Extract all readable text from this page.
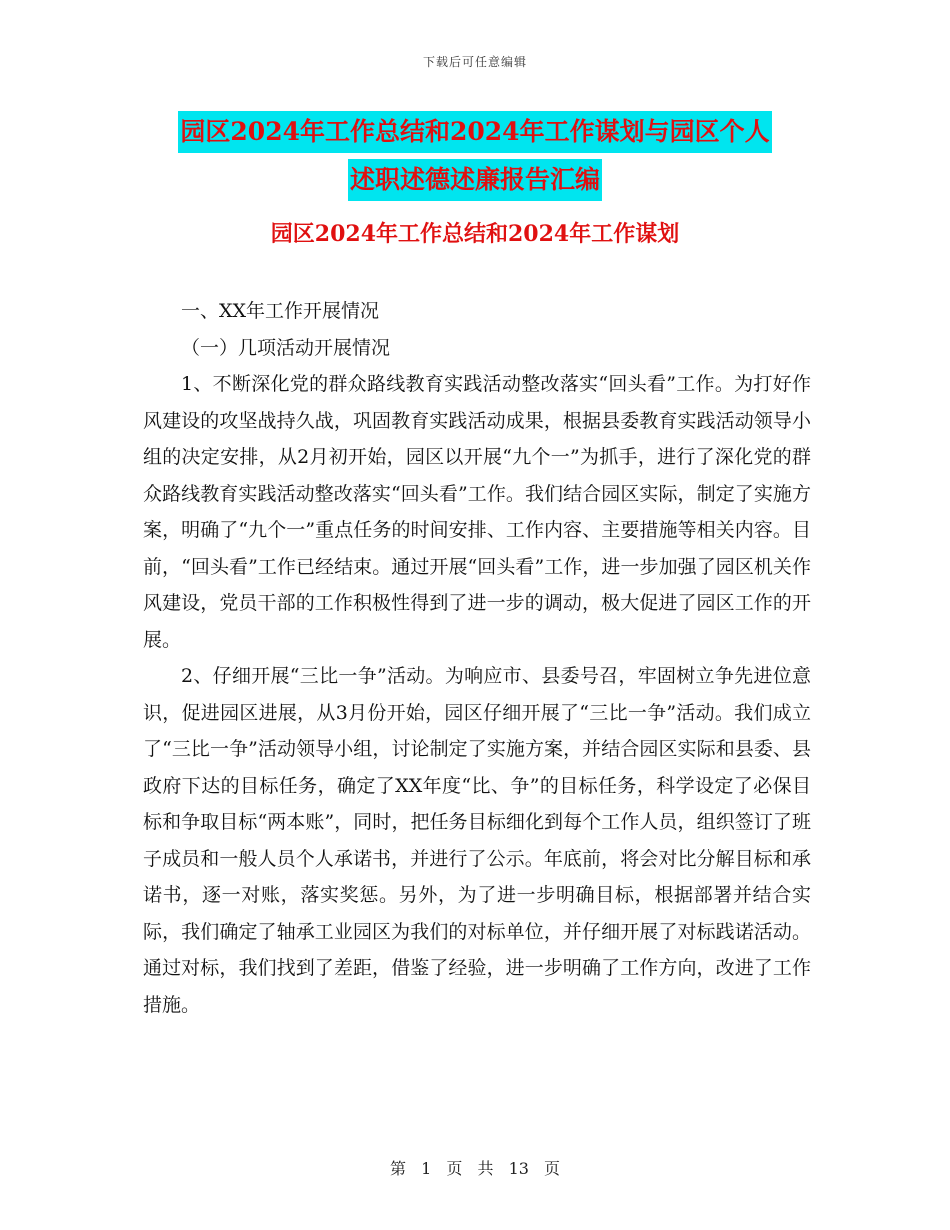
下载后可任意编辑
园区2024年工作总结和2024年工作谋划与园区个人
述职述德述廉报告汇编
园区2024年工作总结和2024年工作谋划

一、XX年工作开展情况

（一）几项活动开展情况

1、不断深化党的群众路线教育实践活动整改落实“回头看”工作。为打好作风建设的攻坚战持久战，巩固教育实践活动成果，根据县委教育实践活动领导小组的决定安排，从2月初开始，园区以开展“九个一”为抓手，进行了深化党的群众路线教育实践活动整改落实“回头看”工作。我们结合园区实际，制定了实施方案，明确了“九个一”重点任务的时间安排、工作内容、主要措施等相关内容。目前，“回头看”工作已经结束。通过开展“回头看”工作，进一步加强了园区机关作风建设，党员干部的工作积极性得到了进一步的调动，极大促进了园区工作的开展。

2、仔细开展“三比一争”活动。为响应市、县委号召，牢固树立争先进位意识，促进园区进展，从3月份开始，园区仔细开展了“三比一争”活动。我们成立了“三比一争”活动领导小组，讨论制定了实施方案，并结合园区实际和县委、县政府下达的目标任务，确定了XX年度“比、争”的目标任务，科学设定了必保目标和争取目标“两本账”，同时，把任务目标细化到每个工作人员，组织签订了班子成员和一般人员个人承诺书，并进行了公示。年底前，将会对比分解目标和承诺书，逐一对账，落实奖惩。另外，为了进一步明确目标，根据部署并结合实际，我们确定了轴承工业园区为我们的对标单位，并仔细开展了对标践诺活动。通过对标，我们找到了差距，借鉴了经验，进一步明确了工作方向，改进了工作措施。

第 1 页 共 13 页
